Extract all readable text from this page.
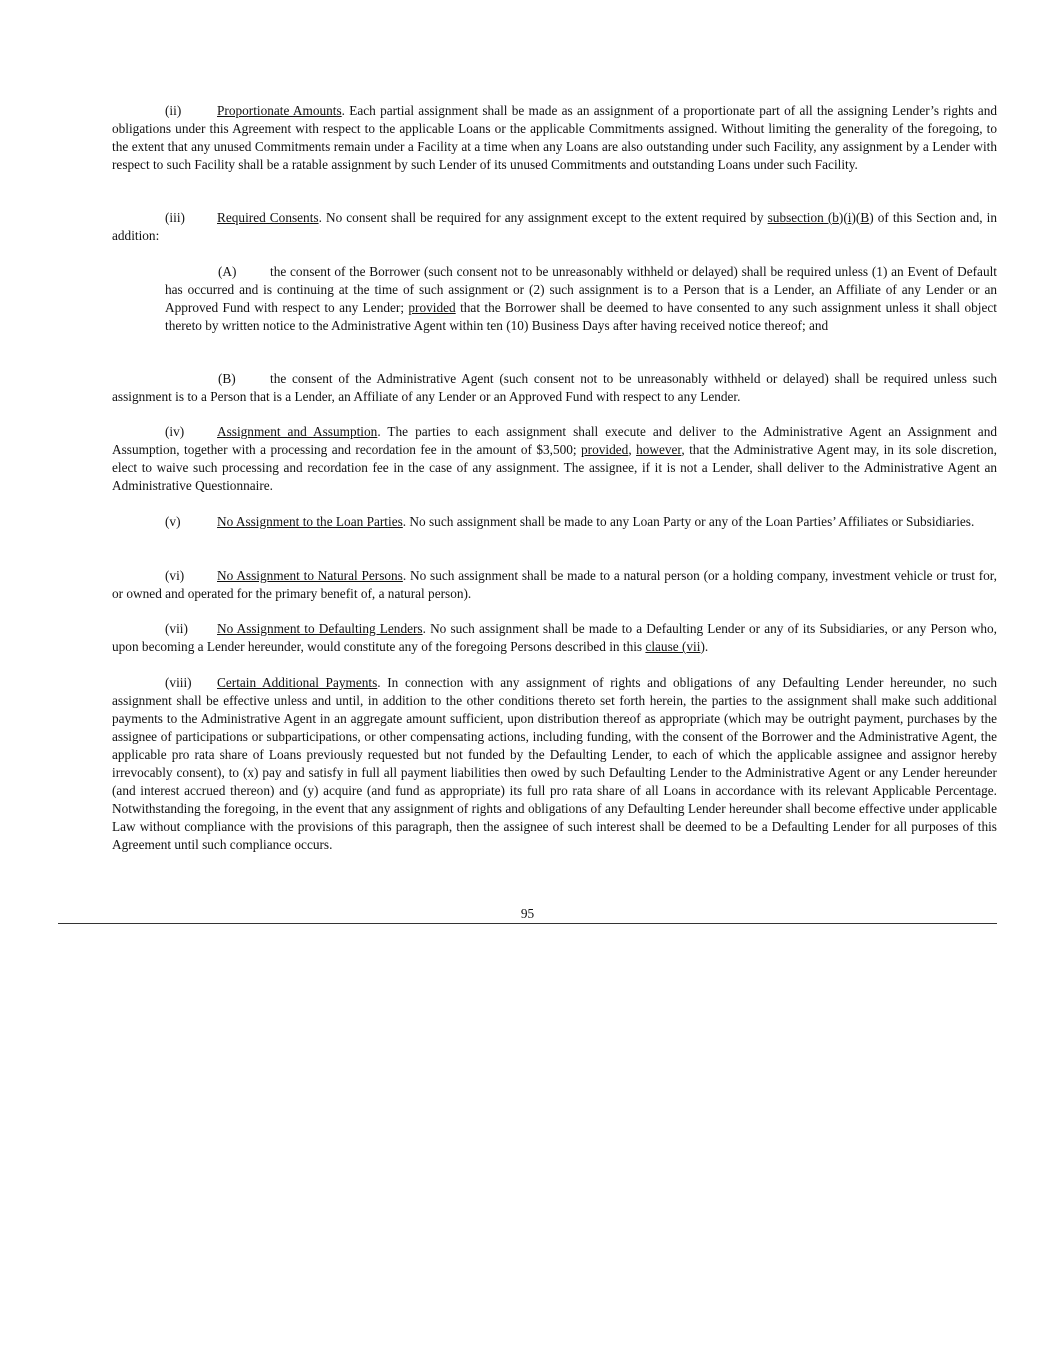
(ii)	Proportionate Amounts. Each partial assignment shall be made as an assignment of a proportionate part of all the assigning Lender’s rights and obligations under this Agreement with respect to the applicable Loans or the applicable Commitments assigned. Without limiting the generality of the foregoing, to the extent that any unused Commitments remain under a Facility at a time when any Loans are also outstanding under such Facility, any assignment by a Lender with respect to such Facility shall be a ratable assignment by such Lender of its unused Commitments and outstanding Loans under such Facility.

(iii) Required Consents. No consent shall be required for any assignment except to the extent required by subsection (b)(i)(B) of this Section and, in addition:

(A)	the consent of the Borrower (such consent not to be unreasonably withheld or delayed) shall be required unless (1) an Event of Default has occurred and is continuing at the time of such assignment or (2) such assignment is to a Person that is a Lender, an Affiliate of any Lender or an Approved Fund with respect to any Lender; provided that the Borrower shall be deemed to have consented to any such assignment unless it shall object thereto by written notice to the Administrative Agent within ten (10) Business Days after having received notice thereof; and

(B)	the consent of the Administrative Agent (such consent not to be unreasonably withheld or delayed) shall be required unless such assignment is to a Person that is a Lender, an Affiliate of any Lender or an Approved Fund with respect to any Lender.

(iv) Assignment and Assumption. The parties to each assignment shall execute and deliver to the Administrative Agent an Assignment and Assumption, together with a processing and recordation fee in the amount of $3,500; provided, however, that the Administrative Agent may, in its sole discretion, elect to waive such processing and recordation fee in the case of any assignment. The assignee, if it is not a Lender, shall deliver to the Administrative Agent an Administrative Questionnaire.

(v)	No Assignment to the Loan Parties. No such assignment shall be made to any Loan Party or any of the Loan Parties’ Affiliates or Subsidiaries.

(vi) No Assignment to Natural Persons. No such assignment shall be made to a natural person (or a holding company, investment vehicle or trust for, or owned and operated for the primary benefit of, a natural person).

(vii) No Assignment to Defaulting Lenders. No such assignment shall be made to a Defaulting Lender or any of its Subsidiaries, or any Person who, upon becoming a Lender hereunder, would constitute any of the foregoing Persons described in this clause (vii).

(viii) Certain Additional Payments. In connection with any assignment of rights and obligations of any Defaulting Lender hereunder, no such assignment shall be effective unless and until, in addition to the other conditions thereto set forth herein, the parties to the assignment shall make such additional payments to the Administrative Agent in an aggregate amount sufficient, upon distribution thereof as appropriate (which may be outright payment, purchases by the assignee of participations or subparticipations, or other compensating actions, including funding, with the consent of the Borrower and the Administrative Agent, the applicable pro rata share of Loans previously requested but not funded by the Defaulting Lender, to each of which the applicable assignee and assignor hereby irrevocably consent), to (x) pay and satisfy in full all payment liabilities then owed by such Defaulting Lender to the Administrative Agent or any Lender hereunder (and interest accrued thereon) and (y) acquire (and fund as appropriate) its full pro rata share of all Loans in accordance with its relevant Applicable Percentage. Notwithstanding the foregoing, in the event that any assignment of rights and obligations of any Defaulting Lender hereunder shall become effective under applicable Law without compliance with the provisions of this paragraph, then the assignee of such interest shall be deemed to be a Defaulting Lender for all purposes of this Agreement until such compliance occurs.

95
